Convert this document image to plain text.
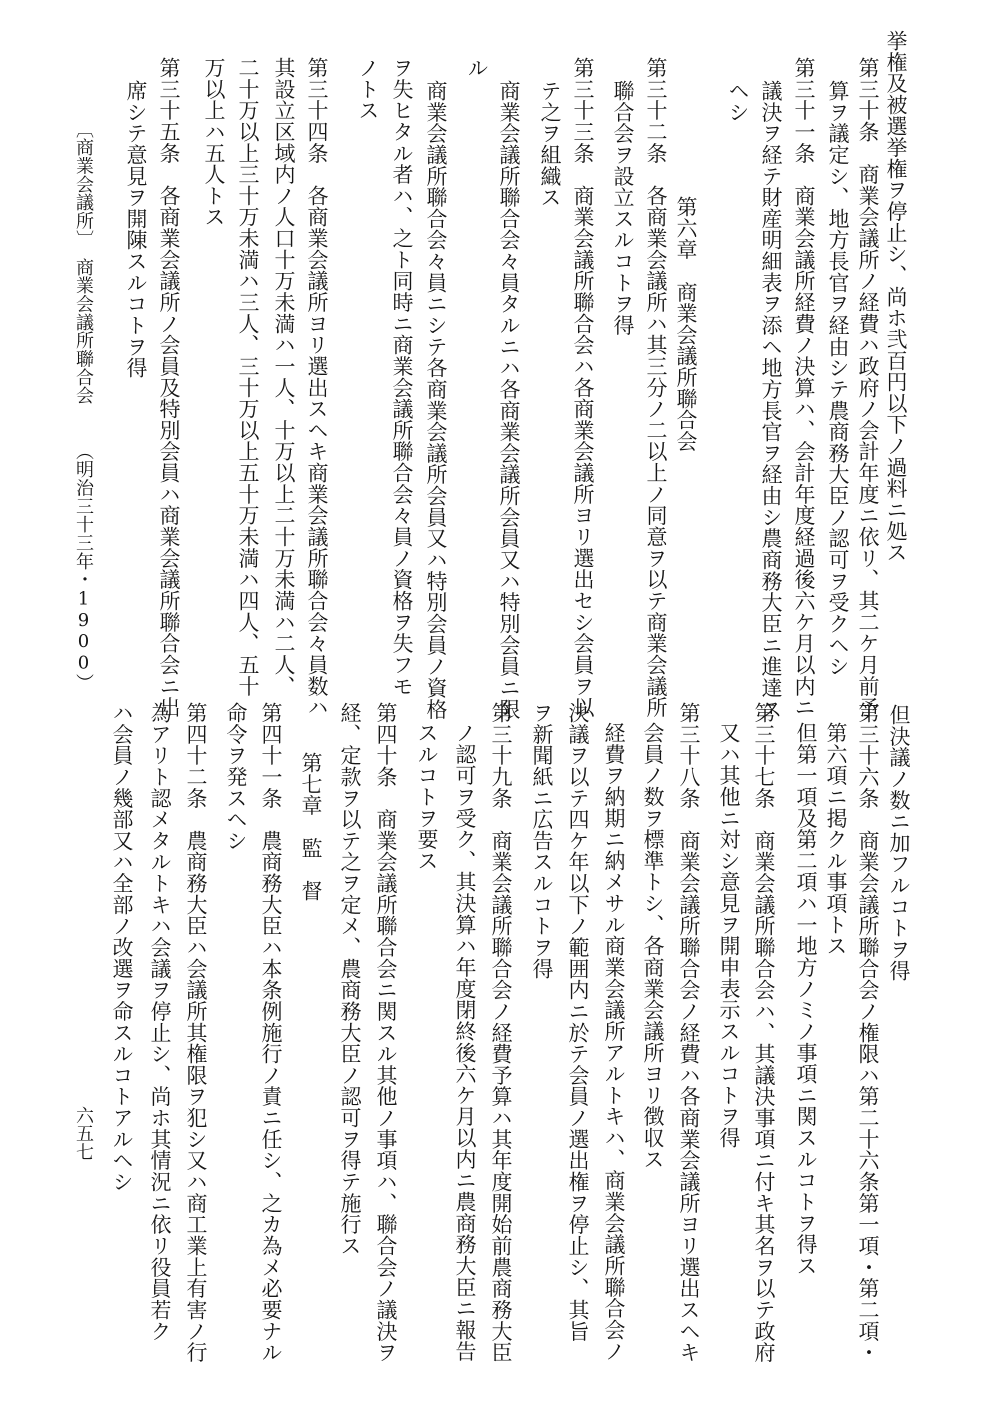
挙権及被選挙権ヲ停止シ、尚ホ弐百円以下ノ過料ニ処ス
第三十条　商業会議所ノ経費ハ政府ノ会計年度ニ依リ、其二ケ月前予
算ヲ議定シ、地方長官ヲ経由シテ農商務大臣ノ認可ヲ受クヘシ
第三十一条　商業会議所経費ノ決算ハ、会計年度経過後六ケ月以内ニ
議決ヲ経テ財産明細表ヲ添ヘ地方長官ヲ経由シ農商務大臣ニ進達ス
ヘシ
第六章　商業会議所聯合会
第三十二条　各商業会議所ハ其三分ノ二以上ノ同意ヲ以テ商業会議所
聯合会ヲ設立スルコトヲ得
第三十三条　商業会議所聯合会ハ各商業会議所ヨリ選出セシ会員ヲ以
テ之ヲ組織ス
商業会議所聯合会々員タルニハ各商業会議所会員又ハ特別会員ニ限
ル
商業会議所聯合会々員ニシテ各商業会議所会員又ハ特別会員ノ資格
ヲ失ヒタル者ハ、之ト同時ニ商業会議所聯合会々員ノ資格ヲ失フモ
ノトス
第三十四条　各商業会議所ヨリ選出スヘキ商業会議所聯合会々員数ハ
其設立区域内ノ人口十万未満ハ一人、十万以上二十万未満ハ二人、
二十万以上三十万未満ハ三人、三十万以上五十万未満ハ四人、五十
万以上ハ五人トス
第三十五条　各商業会議所ノ会員及特別会員ハ商業会議所聯合会ニ出
席シテ意見ヲ開陳スルコトヲ得
〔商業会議所〕
商業会議所聯合会
（明治三十三年・1900）
但決議ノ数ニ加フルコトヲ得
第三十六条　商業会議所聯合会ノ権限ハ第二十六条第一項・第二項・
第六項ニ掲クル事項トス
但第一項及第二項ハ一地方ノミノ事項ニ関スルコトヲ得ス
第三十七条　商業会議所聯合会ハ、其議決事項ニ付キ其名ヲ以テ政府
又ハ其他ニ対シ意見ヲ開申表示スルコトヲ得
第三十八条　商業会議所聯合会ノ経費ハ各商業会議所ヨリ選出スヘキ
会員ノ数ヲ標準トシ、各商業会議所ヨリ徴収ス
経費ヲ納期ニ納メサル商業会議所アルトキハ、商業会議所聯合会ノ
決議ヲ以テ四ケ年以下ノ範囲内ニ於テ会員ノ選出権ヲ停止シ、其旨
ヲ新聞紙ニ広告スルコトヲ得
第三十九条　商業会議所聯合会ノ経費予算ハ其年度開始前農商務大臣
ノ認可ヲ受ク、其決算ハ年度閉終後六ケ月以内ニ農商務大臣ニ報告
スルコトヲ要ス
第四十条　商業会議所聯合会ニ関スル其他ノ事項ハ、聯合会ノ議決ヲ
経、定款ヲ以テ之ヲ定メ、農商務大臣ノ認可ヲ得テ施行ス
第七章　監　督
第四十一条　農商務大臣ハ本条例施行ノ責ニ任シ、之カ為メ必要ナル
命令ヲ発スヘシ
第四十二条　農商務大臣ハ会議所其権限ヲ犯シ又ハ商工業上有害ノ行
為アリト認メタルトキハ会議ヲ停止シ、尚ホ其情況ニ依リ役員若ク
ハ会員ノ幾部又ハ全部ノ改選ヲ命スルコトアルヘシ
六五七
